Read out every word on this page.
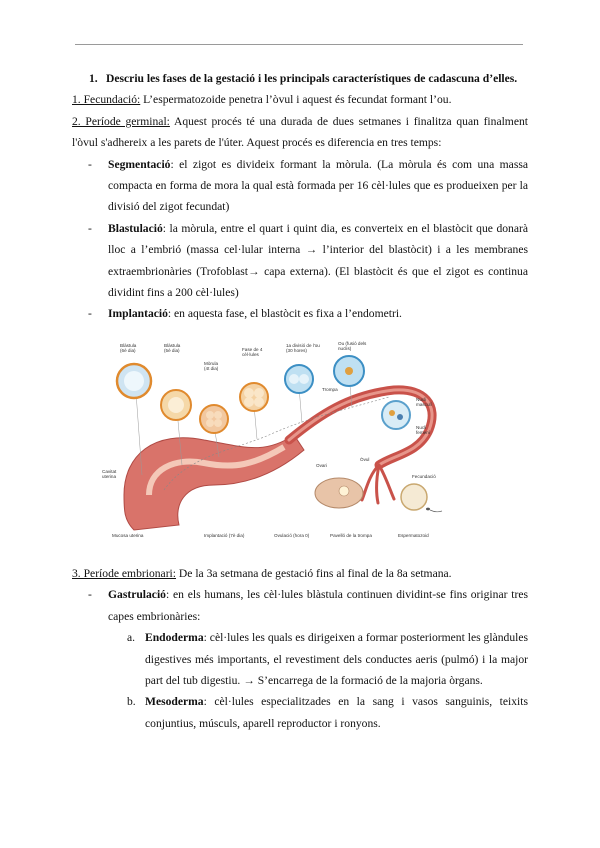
1. Descriu les fases de la gestació i les principals característiques de cadascuna d’elles.

1. Fecundació: L’espermatozoide penetra l’òvul i aquest és fecundat formant l’ou.

2. Període germinal: Aquest procés té una durada de dues setmanes i finalitza quan finalment l'òvul s'adhereix a les parets de l'úter. Aquest procés es diferencia en tres temps:

- Segmentació: el zigot es divideix formant la mòrula. (La mòrula és com una massa compacta en forma de mora la qual està formada per 16 cèl·lules que es produeixen per la divisió del zigot fecundat)
- Blastulació: la mòrula, entre el quart i quint dia, es converteix en el blastòcit que donarà lloc a l’embrió (massa cel·lular interna → l’interior del blastòcit) i a les membranes extraembrionàries (Trofoblast→ capa externa). (El blastòcit és que el zigot es continua dividint fins a 200 cèl·lules)
- Implantació: en aquesta fase, el blastòcit es fixa a l’endometri.
Blàstula (6è dia)
Blàstula (5è dia)
Mòrula (4t dia)
Fase de 4 cèl·lules
1a divisió de l'ou (30 hores)
Ou (fusió dels nuclis)
Trompa
Nucli masculí
Nucli femení
Cavitat uterina
Ovari
Òvul
Fecundació
Mucosa uterina	Implantació (7è dia)	Ovulació (hora 0)	Pavelló de la trompa	Espermatozoid

3. Període embrionari: De la 3a setmana de gestació fins al final de la 8a setmana.

- Gastrulació: en els humans, les cèl·lules blàstula continuen dividint-se fins originar tres capes embrionàries:
a. Endoderma: cèl·lules les quals es dirigeixen a formar posteriorment les glàndules digestives més importants, el revestiment dels conductes aeris (pulmó) i la major part del tub digestiu. → S’encarrega de la formació de la majoria òrgans.
b. Mesoderma: cèl·lules especialitzades en la sang i vasos sanguinis, teixits conjuntius, músculs, aparell reproductor i ronyons.
